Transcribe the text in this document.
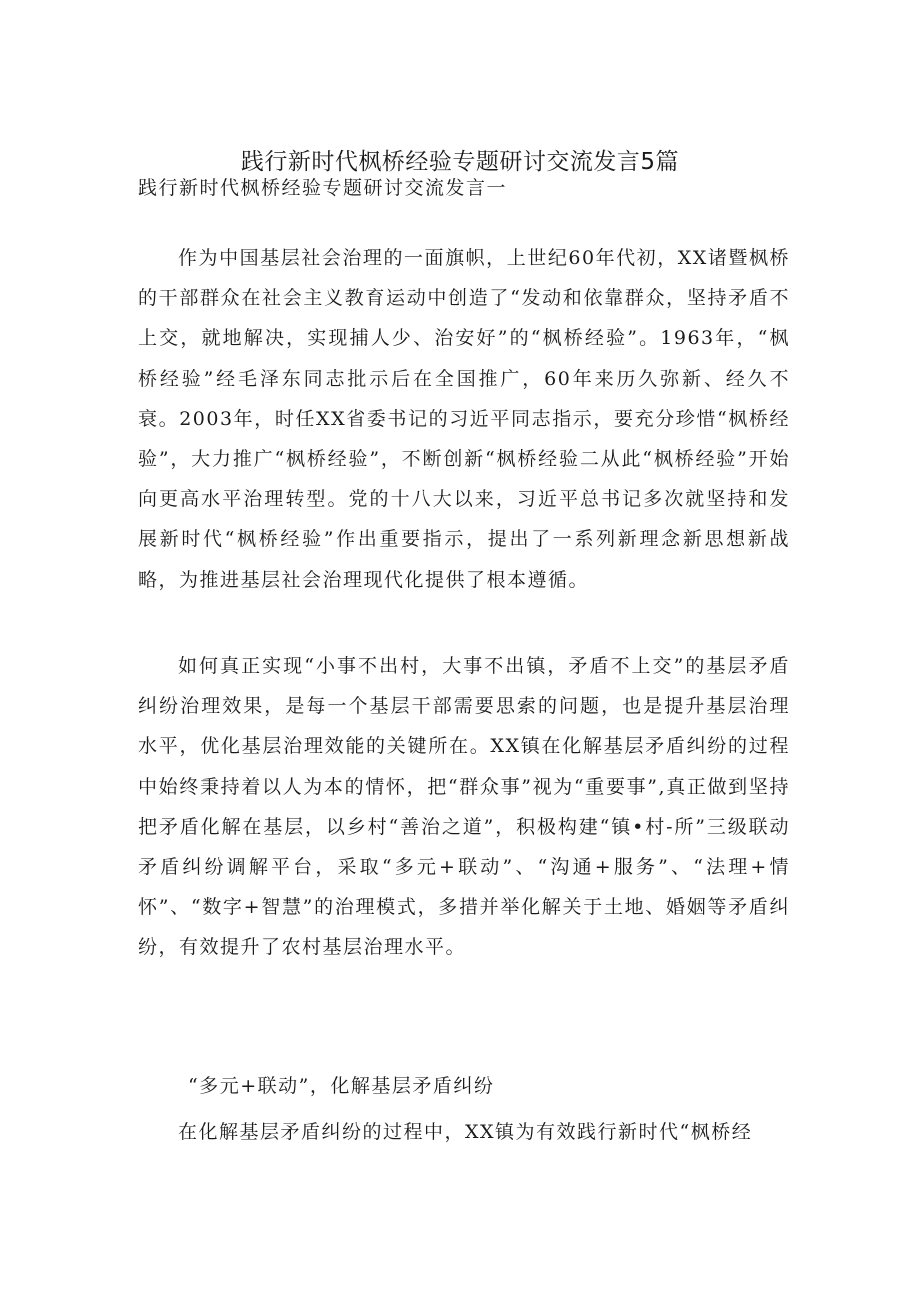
践行新时代枫桥经验专题研讨交流发言5篇
践行新时代枫桥经验专题研讨交流发言一

作为中国基层社会治理的一面旗帜，上世纪60年代初，XX诸暨枫桥的干部群众在社会主义教育运动中创造了“发动和依靠群众，坚持矛盾不上交，就地解决，实现捕人少、治安好”的“枫桥经验”。1963年，“枫桥经验”经毛泽东同志批示后在全国推广，60年来历久弥新、经久不衰。2003年，时任XX省委书记的习近平同志指示，要充分珍惜“枫桥经验”，大力推广“枫桥经验”，不断创新“枫桥经验二从此“枫桥经验”开始向更高水平治理转型。党的十八大以来，习近平总书记多次就坚持和发展新时代“枫桥经验”作出重要指示，提出了一系列新理念新思想新战略，为推进基层社会治理现代化提供了根本遵循。

如何真正实现“小事不出村，大事不出镇，矛盾不上交”的基层矛盾纠纷治理效果，是每一个基层干部需要思索的问题，也是提升基层治理水平，优化基层治理效能的关键所在。XX镇在化解基层矛盾纠纷的过程中始终秉持着以人为本的情怀，把“群众事”视为“重要事”,真正做到坚持把矛盾化解在基层，以乡村“善治之道”，积极构建“镇•村-所”三级联动矛盾纠纷调解平台，采取“多元+联动”、“沟通+服务”、“法理+情怀”、“数字+智慧”的治理模式，多措并举化解关于土地、婚姻等矛盾纠纷，有效提升了农村基层治理水平。

“多元+联动”，化解基层矛盾纠纷

在化解基层矛盾纠纷的过程中，XX镇为有效践行新时代“枫桥经
